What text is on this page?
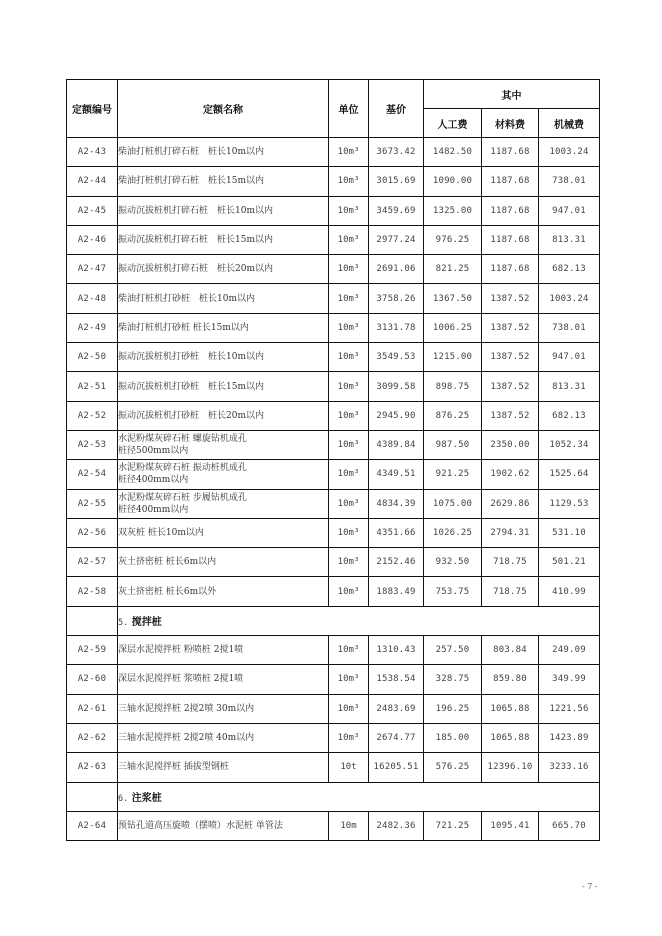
定额编号	定额名称	单位	基价	其中		
				人工费	材料费	机械费
A2-43	柴油打桩机打碎石桩　桩长10m以内	10m³	3673.42	1482.50	1187.68	1003.24
A2-44	柴油打桩机打碎石桩　桩长15m以内	10m³	3015.69	1090.00	1187.68	738.01
A2-45	振动沉拔桩机打碎石桩　桩长10m以内	10m³	3459.69	1325.00	1187.68	947.01
A2-46	振动沉拔桩机打碎石桩　桩长15m以内	10m³	2977.24	976.25	1187.68	813.31
A2-47	振动沉拔桩机打碎石桩　桩长20m以内	10m³	2691.06	821.25	1187.68	682.13
A2-48	柴油打桩机打砂桩　桩长10m以内	10m³	3758.26	1367.50	1387.52	1003.24
A2-49	柴油打桩机打砂桩 桩长15m以内	10m³	3131.78	1006.25	1387.52	738.01
A2-50	振动沉拔桩机打砂桩　桩长10m以内	10m³	3549.53	1215.00	1387.52	947.01
A2-51	振动沉拔桩机打砂桩　桩长15m以内	10m³	3099.58	898.75	1387.52	813.31
A2-52	振动沉拔桩机打砂桩　桩长20m以内	10m³	2945.90	876.25	1387.52	682.13
A2-53	水泥粉煤灰碎石桩 螺旋钻机成孔
桩径500mm以内	10m³	4389.84	987.50	2350.00	1052.34
A2-54	水泥粉煤灰碎石桩 振动桩机成孔
桩径400mm以内	10m³	4349.51	921.25	1902.62	1525.64
A2-55	水泥粉煤灰碎石桩 步履钻机成孔
桩径400mm以内	10m³	4834.39	1075.00	2629.86	1129.53
A2-56	双灰桩 桩长10m以内	10m³	4351.66	1026.25	2794.31	531.10
A2-57	灰土挤密桩 桩长6m以内	10m³	2152.46	932.50	718.75	501.21
A2-58	灰土挤密桩 桩长6m以外	10m³	1883.49	753.75	718.75	410.99
	5. 搅拌桩					
A2-59	深层水泥搅拌桩 粉喷桩 2搅1喷	10m³	1310.43	257.50	803.84	249.09
A2-60	深层水泥搅拌桩 浆喷桩 2搅1喷	10m³	1538.54	328.75	859.80	349.99
A2-61	三轴水泥搅拌桩 2搅2喷 30m以内	10m³	2483.69	196.25	1065.88	1221.56
A2-62	三轴水泥搅拌桩 2搅2喷 40m以内	10m³	2674.77	185.00	1065.88	1423.89
A2-63	三轴水泥搅拌桩 插拔型钢桩	10t	16205.51	576.25	12396.10	3233.16
	6. 注浆桩					
A2-64	预钻孔道高压旋喷（摆喷）水泥桩 单管法	10m	2482.36	721.25	1095.41	665.70
- 7 -
